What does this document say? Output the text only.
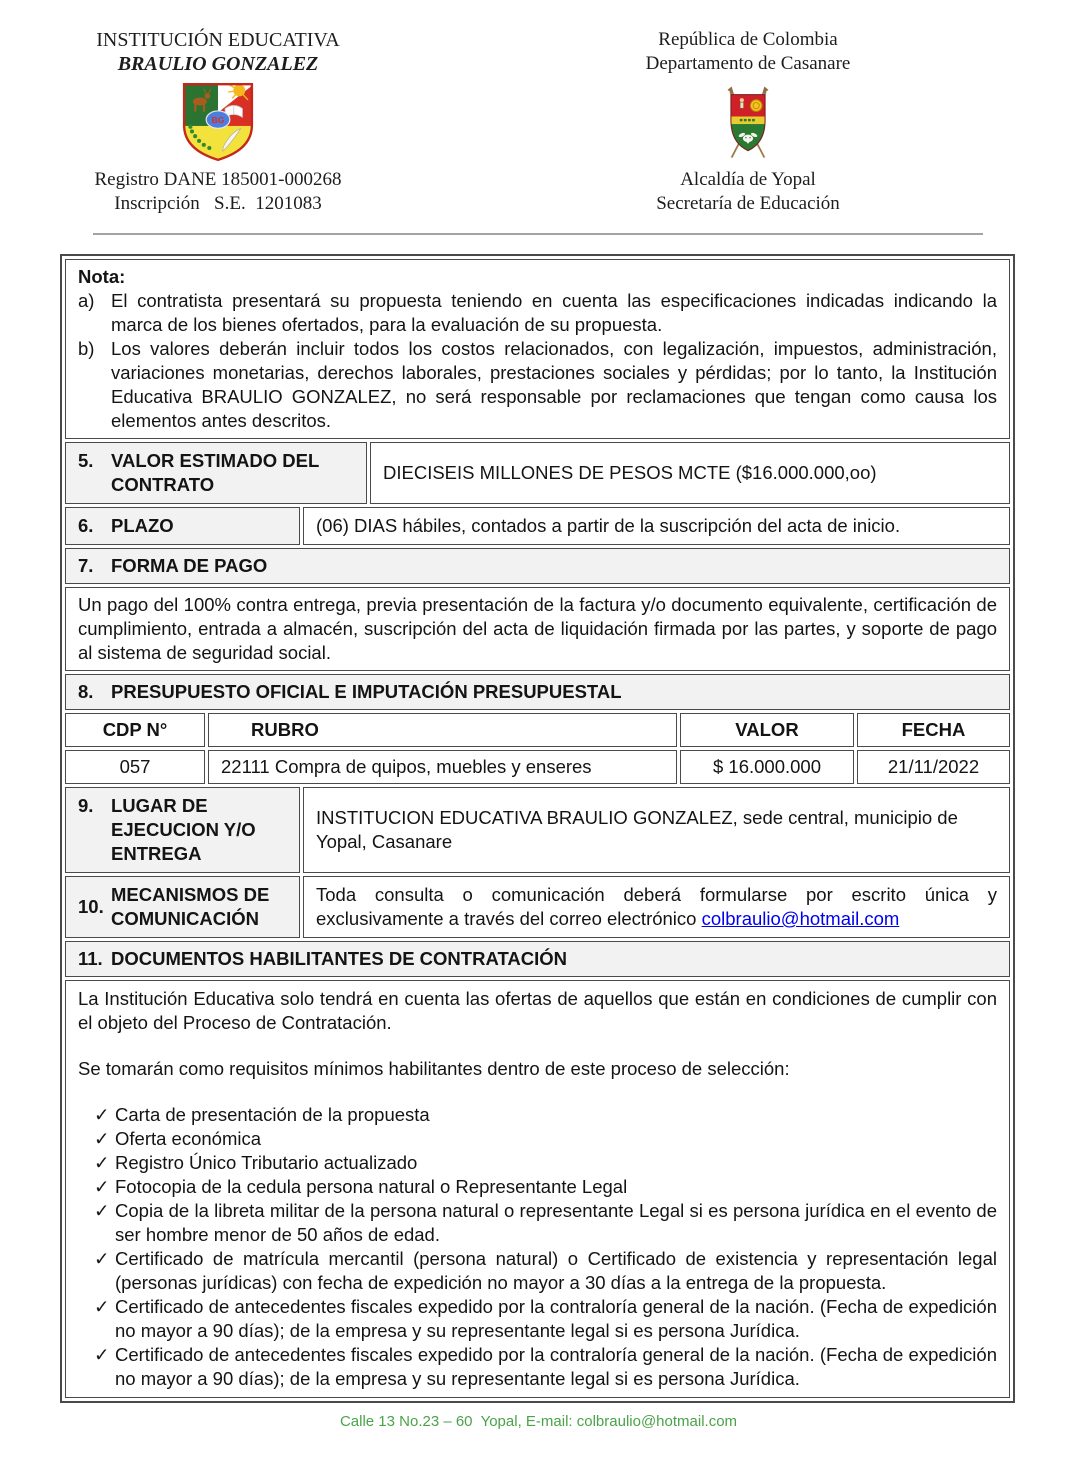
INSTITUCIÓN EDUCATIVA
BRAULIO GONZALEZ
BG
Registro DANE 185001-000268
Inscripción   S.E.  1201083
República de Colombia
Departamento de Casanare
Alcaldía de Yopal
Secretaría de Educación
Nota:
a) El contratista presentará su propuesta teniendo en cuenta las especificaciones indicadas indicando la marca de los bienes ofertados, para la evaluación de su propuesta.
b) Los valores deberán incluir todos los costos relacionados, con legalización, impuestos, administración, variaciones monetarias, derechos laborales, prestaciones sociales y pérdidas; por lo tanto, la Institución Educativa BRAULIO GONZALEZ, no será responsable por reclamaciones que tengan como causa los elementos antes descritos.
5. VALOR ESTIMADO DEL CONTRATO
DIECISEIS MILLONES DE PESOS MCTE ($16.000.000,oo)
6. PLAZO	(06) DIAS hábiles, contados a partir de la suscripción del acta de inicio.
7. FORMA DE PAGO
Un pago del 100% contra entrega, previa presentación de la factura y/o documento equivalente, certificación de cumplimiento, entrada a almacén, suscripción del acta de liquidación firmada por las partes, y soporte de pago al sistema de seguridad social.
8. PRESUPUESTO OFICIAL E IMPUTACIÓN PRESUPUESTAL
CDP N°	RUBRO	VALOR	FECHA
057	22111 Compra de quipos, muebles y enseres	$ 16.000.000	21/11/2022
9. LUGAR DE EJECUCION Y/O ENTREGA
INSTITUCION EDUCATIVA BRAULIO GONZALEZ, sede central, municipio de Yopal, Casanare
10.
MECANISMOS DE COMUNICACIÓN
Toda consulta o comunicación deberá formularse por escrito única y exclusivamente a través del correo electrónico colbraulio@hotmail.com
11. DOCUMENTOS HABILITANTES DE CONTRATACIÓN
La Institución Educativa solo tendrá en cuenta las ofertas de aquellos que están en condiciones de cumplir con el objeto del Proceso de Contratación.
Se tomarán como requisitos mínimos habilitantes dentro de este proceso de selección:
✓ Carta de presentación de la propuesta
✓ Oferta económica
✓ Registro Único Tributario actualizado
✓ Fotocopia de la cedula persona natural o Representante Legal
✓ Copia de la libreta militar de la persona natural o representante Legal si es persona jurídica en el evento de ser hombre menor de 50 años de edad.
✓ Certificado de matrícula mercantil (persona natural) o Certificado de existencia y representación legal (personas jurídicas) con fecha de expedición no mayor a 30 días a la entrega de la propuesta.
✓ Certificado de antecedentes fiscales expedido por la contraloría general de la nación. (Fecha de expedición no mayor a 90 días); de la empresa y su representante legal si es persona Jurídica.
✓ Certificado de antecedentes fiscales expedido por la contraloría general de la nación. (Fecha de expedición no mayor a 90 días); de la empresa y su representante legal si es persona Jurídica.
Calle 13 No.23 – 60  Yopal, E-mail: colbraulio@hotmail.com
